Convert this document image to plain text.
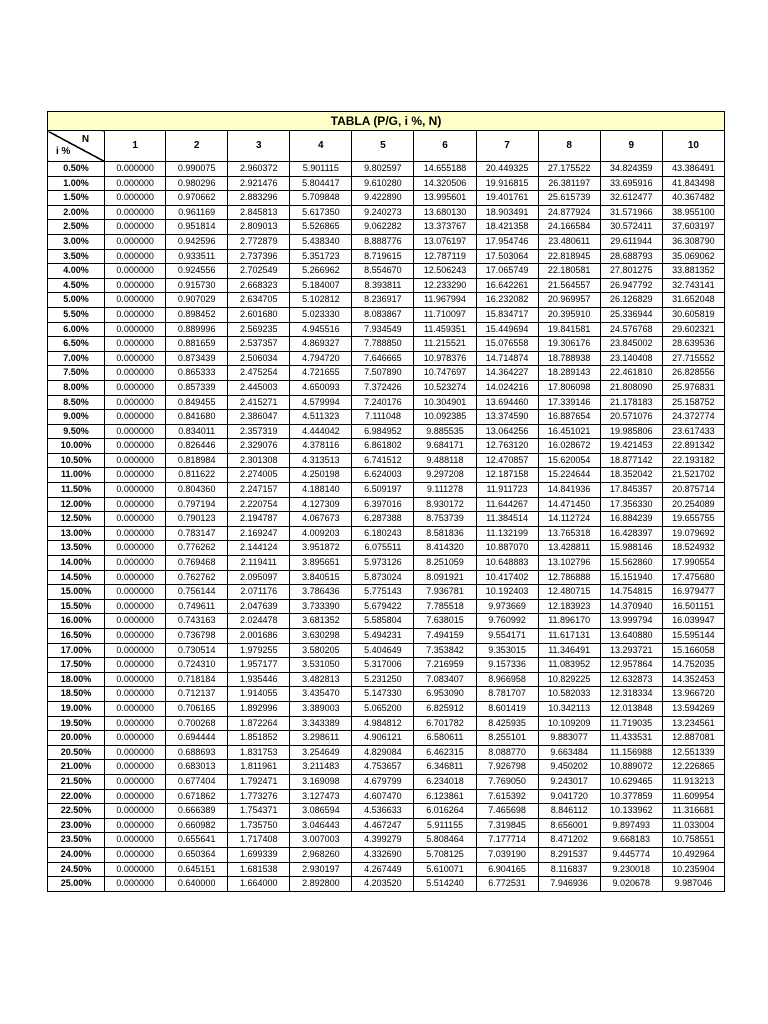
TABLA (P/G, i %, N)										

N
i %	1	2	3	4	5	6	7	8	9	10
0.50%	0.000000	0.990075	2.960372	5.901115	9.802597	14.655188	20.449325	27.175522	34.824359	43.386491
1.00%	0.000000	0.980296	2.921476	5.804417	9.610280	14.320506	19.916815	26.381197	33.695916	41.843498
1.50%	0.000000	0.970662	2.883296	5.709848	9.422890	13.995601	19.401761	25.615739	32.612477	40.367482
2.00%	0.000000	0.961169	2.845813	5.617350	9.240273	13.680130	18.903491	24.877924	31.571966	38.955100
2.50%	0.000000	0.951814	2.809013	5.526865	9.062282	13.373767	18.421358	24.166584	30.572411	37.603197
3.00%	0.000000	0.942596	2.772879	5.438340	8.888776	13.076197	17.954746	23.480611	29.611944	36.308790
3.50%	0.000000	0.933511	2.737396	5.351723	8.719615	12.787119	17.503064	22.818945	28.688793	35.069062
4.00%	0.000000	0.924556	2.702549	5.266962	8.554670	12.506243	17.065749	22.180581	27.801275	33.881352
4.50%	0.000000	0.915730	2.668323	5.184007	8.393811	12.233290	16.642261	21.564557	26.947792	32.743141
5.00%	0.000000	0.907029	2.634705	5.102812	8.236917	11.967994	16.232082	20.969957	26.126829	31.652048
5.50%	0.000000	0.898452	2.601680	5.023330	8.083867	11.710097	15.834717	20.395910	25.336944	30.605819
6.00%	0.000000	0.889996	2.569235	4.945516	7.934549	11.459351	15.449694	19.841581	24.576768	29.602321
6.50%	0.000000	0.881659	2.537357	4.869327	7.788850	11.215521	15.076558	19.306176	23.845002	28.639536
7.00%	0.000000	0.873439	2.506034	4.794720	7.646665	10.978376	14.714874	18.788938	23.140408	27.715552
7.50%	0.000000	0.865333	2.475254	4.721655	7.507890	10.747697	14.364227	18.289143	22.461810	26.828556
8.00%	0.000000	0.857339	2.445003	4.650093	7.372426	10.523274	14.024216	17.806098	21.808090	25.976831
8.50%	0.000000	0.849455	2.415271	4.579994	7.240176	10.304901	13.694460	17.339146	21.178183	25.158752
9.00%	0.000000	0.841680	2.386047	4.511323	7.111048	10.092385	13.374590	16.887654	20.571076	24.372774
9.50%	0.000000	0.834011	2.357319	4.444042	6.984952	9.885535	13.064256	16.451021	19.985806	23.617433
10.00%	0.000000	0.826446	2.329076	4.378116	6.861802	9.684171	12.763120	16.028672	19.421453	22.891342
10.50%	0.000000	0.818984	2.301308	4.313513	6.741512	9.488118	12.470857	15.620054	18.877142	22.193182
11.00%	0.000000	0.811622	2.274005	4.250198	6.624003	9.297208	12.187158	15.224644	18.352042	21.521702
11.50%	0.000000	0.804360	2.247157	4.188140	6.509197	9.111278	11.911723	14.841936	17.845357	20.875714
12.00%	0.000000	0.797194	2.220754	4.127309	6.397016	8.930172	11.644267	14.471450	17.356330	20.254089
12.50%	0.000000	0.790123	2.194787	4.067673	6.287388	8.753739	11.384514	14.112724	16.884239	19.655755
13.00%	0.000000	0.783147	2.169247	4.009203	6.180243	8.581836	11.132199	13.765318	16.428397	19.079692
13.50%	0.000000	0.776262	2.144124	3.951872	6.075511	8.414320	10.887070	13.428811	15.988146	18.524932
14.00%	0.000000	0.769468	2.119411	3.895651	5.973126	8.251059	10.648883	13.102796	15.562860	17.990554
14.50%	0.000000	0.762762	2.095097	3.840515	5.873024	8.091921	10.417402	12.786888	15.151940	17.475680
15.00%	0.000000	0.756144	2.071176	3.786436	5.775143	7.936781	10.192403	12.480715	14.754815	16.979477
15.50%	0.000000	0.749611	2.047639	3.733390	5.679422	7.785518	9.973669	12.183923	14.370940	16.501151
16.00%	0.000000	0.743163	2.024478	3.681352	5.585804	7.638015	9.760992	11.896170	13.999794	16.039947
16.50%	0.000000	0.736798	2.001686	3.630298	5.494231	7.494159	9.554171	11.617131	13.640880	15.595144
17.00%	0.000000	0.730514	1.979255	3.580205	5.404649	7.353842	9.353015	11.346491	13.293721	15.166058
17.50%	0.000000	0.724310	1.957177	3.531050	5.317006	7.216959	9.157336	11.083952	12.957864	14.752035
18.00%	0.000000	0.718184	1.935446	3.482813	5.231250	7.083407	8.966958	10.829225	12.632873	14.352453
18.50%	0.000000	0.712137	1.914055	3.435470	5.147330	6.953090	8.781707	10.582033	12.318334	13.966720
19.00%	0.000000	0.706165	1.892996	3.389003	5.065200	6.825912	8.601419	10.342113	12.013848	13.594269
19.50%	0.000000	0.700268	1.872264	3.343389	4.984812	6.701782	8.425935	10.109209	11.719035	13.234561
20.00%	0.000000	0.694444	1.851852	3.298611	4.906121	6.580611	8.255101	9.883077	11.433531	12.887081
20.50%	0.000000	0.688693	1.831753	3.254649	4.829084	6.462315	8.088770	9.663484	11.156988	12.551339
21.00%	0.000000	0.683013	1.811961	3.211483	4.753657	6.346811	7.926798	9.450202	10.889072	12.226865
21.50%	0.000000	0.677404	1.792471	3.169098	4.679799	6.234018	7.769050	9.243017	10.629465	11.913213
22.00%	0.000000	0.671862	1.773276	3.127473	4.607470	6.123861	7.615392	9.041720	10.377859	11.609954
22.50%	0.000000	0.666389	1.754371	3.086594	4.536633	6.016264	7.465698	8.846112	10.133962	11.316681
23.00%	0.000000	0.660982	1.735750	3.046443	4.467247	5.911155	7.319845	8.656001	9.897493	11.033004
23.50%	0.000000	0.655641	1.717408	3.007003	4.399279	5.808464	7.177714	8.471202	9.668183	10.758551
24.00%	0.000000	0.650364	1.699339	2.968260	4.332690	5.708125	7.039190	8.291537	9.445774	10.492964
24.50%	0.000000	0.645151	1.681538	2.930197	4.267449	5.610071	6.904165	8.116837	9.230018	10.235904
25.00%	0.000000	0.640000	1.664000	2.892800	4.203520	5.514240	6.772531	7.946936	9.020678	9.987046
